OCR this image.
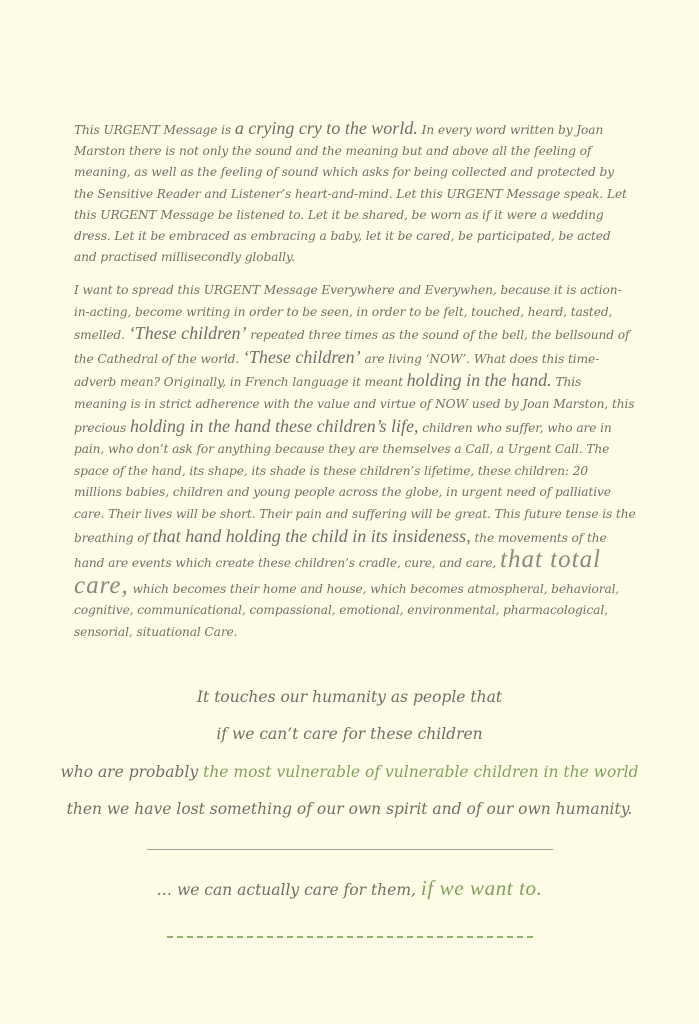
This URGENT Message is a crying cry to the world. In every word written by Joan Marston there is not only the sound and the meaning but and above all the feeling of meaning, as well as the feeling of sound which asks for being collected and protected by the Sensitive Reader and Listener’s heart-and-mind. Let this URGENT Message speak. Let this URGENT Message be listened to. Let it be shared, be worn as if it were a wedding dress. Let it be embraced as embracing a baby, let it be cared, be participated, be acted and practised millisecondly globally.

I want to spread this URGENT Message Everywhere and Everywhen, because it is action-in-acting, become writing in order to be seen, in order to be felt, touched, heard, tasted, smelled. ‘These children’ repeated three times as the sound of the bell, the bellsound of the Cathedral of the world. ‘These children’ are living ‘NOW’. What does this time-adverb mean? Originally, in French language it meant holding in the hand. This meaning is in strict adherence with the value and virtue of NOW used by Joan Marston, this precious holding in the hand these children’s life, children who suffer, who are in pain, who don’t ask for anything because they are themselves a Call, a Urgent Call. The space of the hand, its shape, its shade is these children’s lifetime, these children: 20 millions babies, children and young people across the globe, in urgent need of palliative care. Their lives will be short. Their pain and suffering will be great. This future tense is the breathing of that hand holding the child in its insideness, the movements of the hand are events which create these children’s cradle, cure, and care, that total care, which becomes their home and house, which becomes atmospheral, behavioral, cognitive, communicational, compassional, emotional, environmental, pharmacological, sensorial, situational Care.

It touches our humanity as people that

if we can’t care for these children

who are probably the most vulnerable of vulnerable children in the world

then we have lost something of our own spirit and of our own humanity.

… we can actually care for them, if we want to.
